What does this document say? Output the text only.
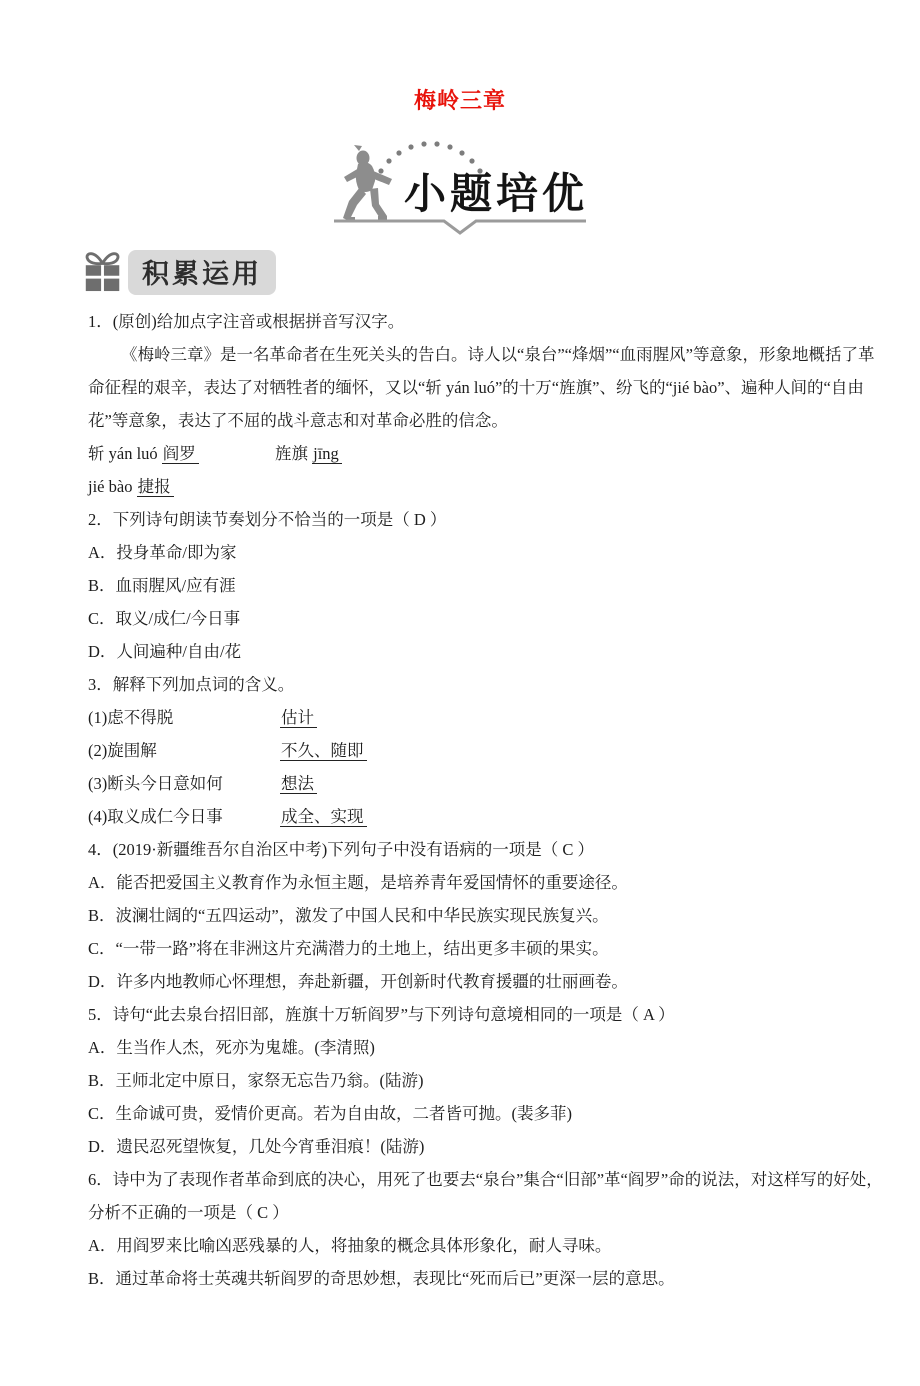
梅岭三章
小题培优
积累运用
1．(原创)给加点字注音或根据拼音写汉字。
《梅岭三章》是一名革命者在生死关头的告白。诗人以“泉台”“烽烟”“血雨腥风”等意象，形象地概括了革命征程的艰辛，表达了对牺牲者的缅怀，又以“斩 yán luó”的十万“旌旗”、纷飞的“jié bào”、遍种人间的“自由花”等意象，表达了不屈的战斗意志和对革命必胜的信念。
斩 yán luó 阎罗	旌旗 jīng
jié bào 捷报
2．下列诗句朗读节奏划分不恰当的一项是（ D ）
A．投身革命/即为家
B．血雨腥风/应有涯
C．取义/成仁/今日事
D．人间遍种/自由/花
3．解释下列加点词的含义。
(1)虑不得脱	估计
(2)旋围解	不久、随即
(3)断头今日意如何	想法
(4)取义成仁今日事	成全、实现
4．(2019·新疆维吾尔自治区中考)下列句子中没有语病的一项是（ C ）
A．能否把爱国主义教育作为永恒主题，是培养青年爱国情怀的重要途径。
B．波澜壮阔的“五四运动”，激发了中国人民和中华民族实现民族复兴。
C．“一带一路”将在非洲这片充满潜力的土地上，结出更多丰硕的果实。
D．许多内地教师心怀理想，奔赴新疆，开创新时代教育援疆的壮丽画卷。
5．诗句“此去泉台招旧部，旌旗十万斩阎罗”与下列诗句意境相同的一项是（ A ）
A．生当作人杰，死亦为鬼雄。(李清照)
B．王师北定中原日，家祭无忘告乃翁。(陆游)
C．生命诚可贵，爱情价更高。若为自由故，二者皆可抛。(裴多菲)
D．遗民忍死望恢复，几处今宵垂泪痕！(陆游)
6．诗中为了表现作者革命到底的决心，用死了也要去“泉台”集合“旧部”革“阎罗”命的说法，对这样写的好处，分析不正确的一项是（ C ）
A．用阎罗来比喻凶恶残暴的人，将抽象的概念具体形象化，耐人寻味。
B．通过革命将士英魂共斩阎罗的奇思妙想，表现比“死而后已”更深一层的意思。
